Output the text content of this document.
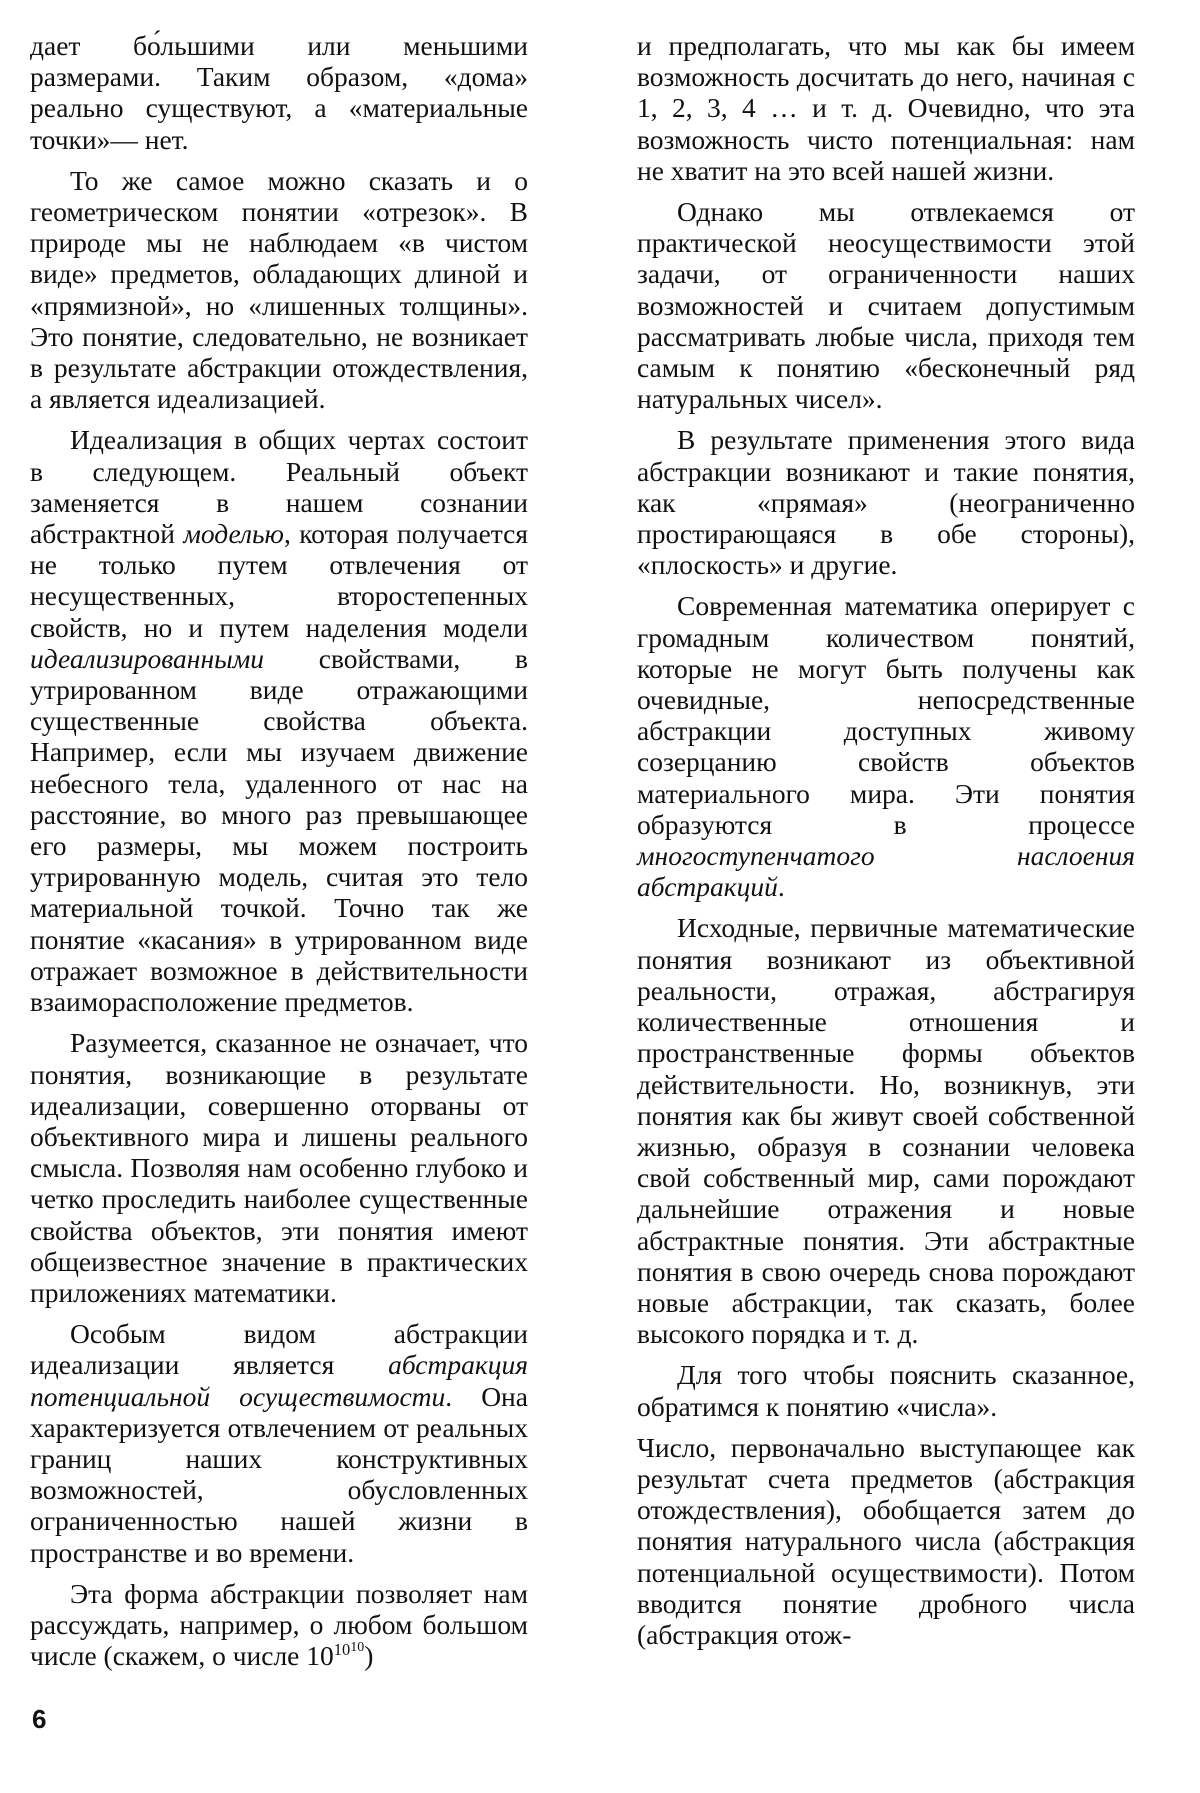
дает бо́льшими или меньшими размерами. Таким образом, «дома» реально существуют, а «материальные точки»— нет.

То же самое можно сказать и о геометрическом понятии «отрезок». В природе мы не наблюдаем «в чистом виде» предметов, обладающих длиной и «прямизной», но «лишенных толщины». Это понятие, следовательно, не возникает в результате абстракции отождествления, а является идеализацией.

Идеализация в общих чертах состоит в следующем. Реальный объект заменяется в нашем сознании абстрактной моделью, которая получается не только путем отвлечения от несущественных, второстепенных свойств, но и путем наделения модели идеализированными свойствами, в утрированном виде отражающими существенные свойства объекта. Например, если мы изучаем движение небесного тела, удаленного от нас на расстояние, во много раз превышающее его размеры, мы можем построить утрированную модель, считая это тело материальной точкой. Точно так же понятие «касания» в утрированном виде отражает возможное в действительности взаиморасположение предметов.

Разумеется, сказанное не означает, что понятия, возникающие в результате идеализации, совершенно оторваны от объективного мира и лишены реального смысла. Позволяя нам особенно глубоко и четко проследить наиболее существенные свойства объектов, эти понятия имеют общеизвестное значение в практических приложениях математики.

Особым видом абстракции идеализации является абстракция потенциальной осуществимости. Она характеризуется отвлечением от реальных границ наших конструктивных возможностей, обусловленных ограниченностью нашей жизни в пространстве и во времени.

Эта форма абстракции позволяет нам рассуждать, например, о любом большом числе (скажем, о числе $10^{10^{10}}$)

и предполагать, что мы как бы имеем возможность досчитать до него, начиная с 1, 2, 3, 4 … и т. д. Очевидно, что эта возможность чисто потенциальная: нам не хватит на это всей нашей жизни.

Однако мы отвлекаемся от практической неосуществимости этой задачи, от ограниченности наших возможностей и считаем допустимым рассматривать любые числа, приходя тем самым к понятию «бесконечный ряд натуральных чисел».

В результате применения этого вида абстракции возникают и такие понятия, как «прямая» (неограниченно простирающаяся в обе стороны), «плоскость» и другие.

Современная математика оперирует с громадным количеством понятий, которые не могут быть получены как очевидные, непосредственные абстракции доступных живому созерцанию свойств объектов материального мира. Эти понятия образуются в процессе многоступенчатого наслоения абстракций.

Исходные, первичные математические понятия возникают из объективной реальности, отражая, абстрагируя количественные отношения и пространственные формы объектов действительности. Но, возникнув, эти понятия как бы живут своей собственной жизнью, образуя в сознании человека свой собственный мир, сами порождают дальнейшие отражения и новые абстрактные понятия. Эти абстрактные понятия в свою очередь снова порождают новые абстракции, так сказать, более высокого порядка и т. д.

Для того чтобы пояснить сказанное, обратимся к понятию «числа».

Число, первоначально выступающее как результат счета предметов (абстракция отождествления), обобщается затем до понятия натурального числа (абстракция потенциальной осуществимости). Потом вводится понятие дробного числа (абстракция отож-

6
